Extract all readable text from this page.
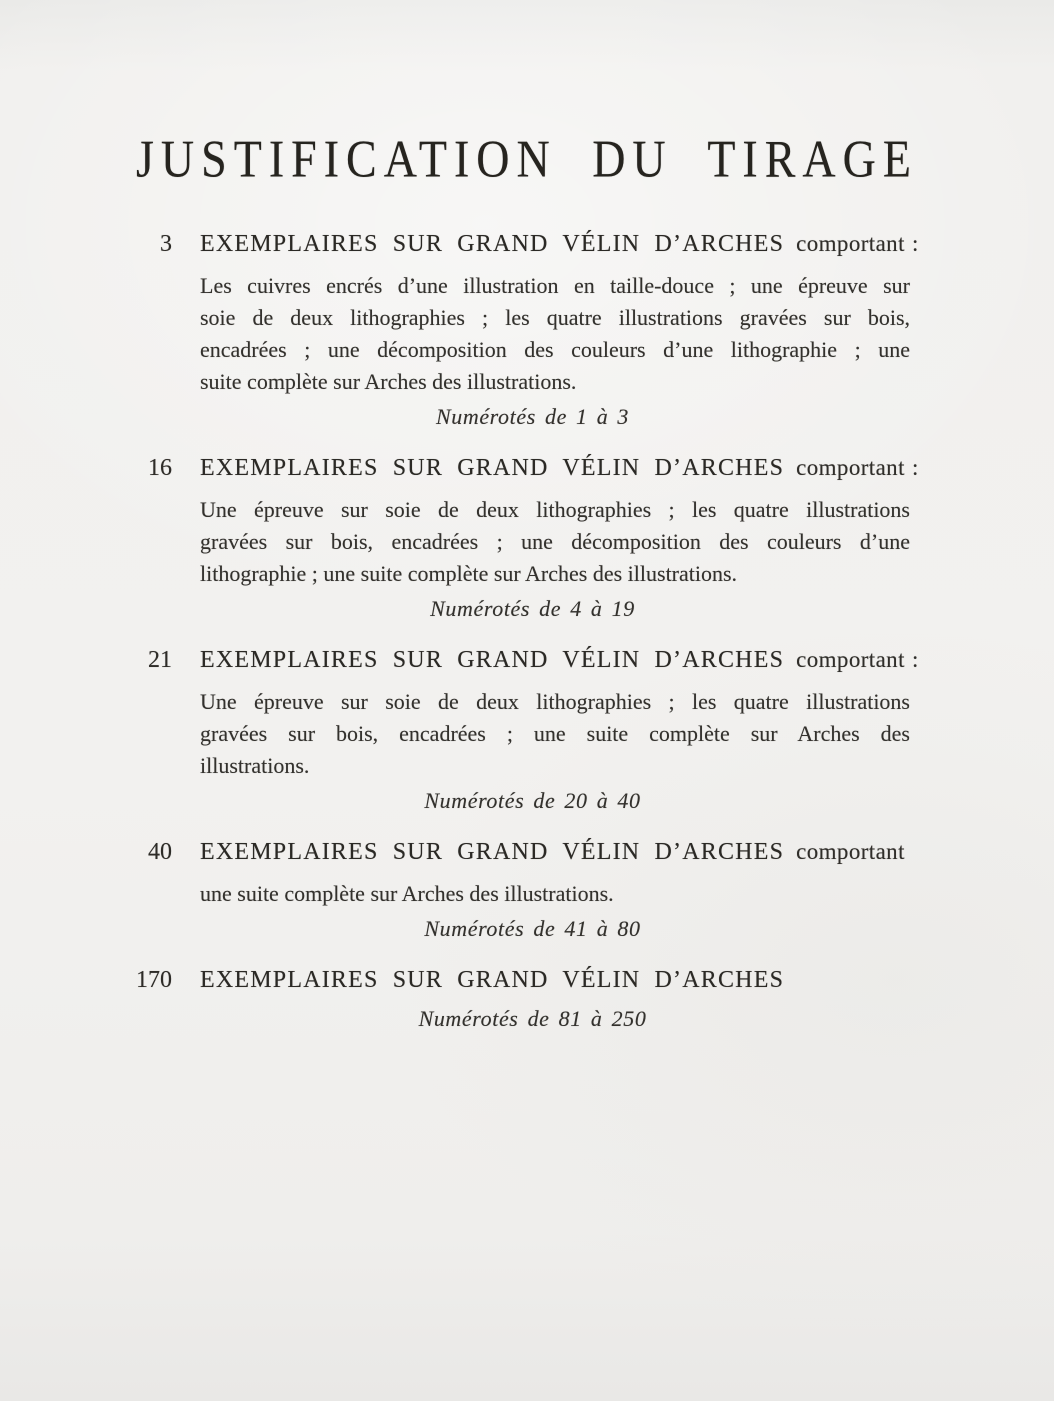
JUSTIFICATION DU TIRAGE
3 EXEMPLAIRES SUR GRAND VÉLIN D’ARCHES comportant :
Les cuivres encrés d’une illustration en taille-douce ; une épreuve sur
soie de deux lithographies ; les quatre illustrations gravées sur bois,
encadrées ; une décomposition des couleurs d’une lithographie ; une
suite complète sur Arches des illustrations.
Numérotés de 1 à 3
16 EXEMPLAIRES SUR GRAND VÉLIN D’ARCHES comportant :
Une épreuve sur soie de deux lithographies ; les quatre illustrations
gravées sur bois, encadrées ; une décomposition des couleurs d’une
lithographie ; une suite complète sur Arches des illustrations.
Numérotés de 4 à 19
21 EXEMPLAIRES SUR GRAND VÉLIN D’ARCHES comportant :
Une épreuve sur soie de deux lithographies ; les quatre illustrations
gravées sur bois, encadrées ; une suite complète sur Arches des
illustrations.
Numérotés de 20 à 40
40 EXEMPLAIRES SUR GRAND VÉLIN D’ARCHES comportant
une suite complète sur Arches des illustrations.
Numérotés de 41 à 80
170 EXEMPLAIRES SUR GRAND VÉLIN D’ARCHES
Numérotés de 81 à 250
